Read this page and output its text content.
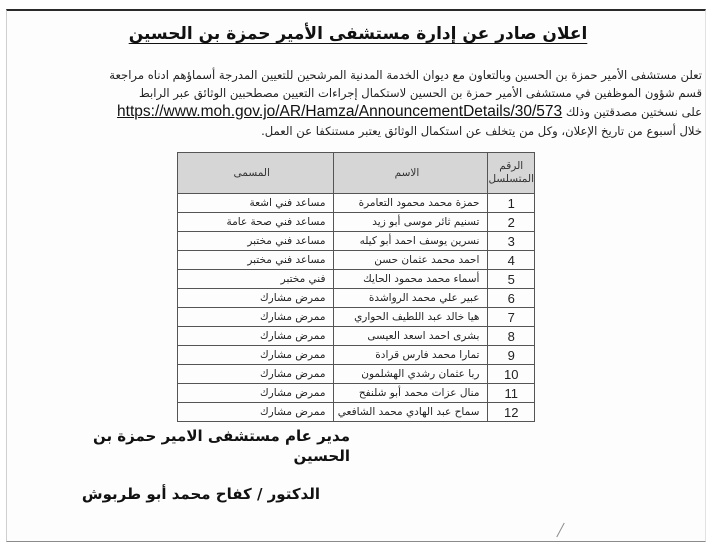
اعلان صادر عن إدارة مستشفى الأمير حمزة بن الحسين
تعلن مستشفى الأمير حمزة بن الحسين وبالتعاون مع ديوان الخدمة المدنية المرشحين للتعيين المدرجة أسماؤهم ادناه مراجعة
قسم شؤون الموظفين في مستشفى الأمير حمزة بن الحسين لاستكمال إجراءات التعيين مصطحبين الوثائق عبر الرابط
على نسختين مصدقتين وذلك https://www.moh.gov.jo/AR/Hamza/AnnouncementDetails/30/573
خلال أسبوع من تاريخ الإعلان، وكل من يتخلف عن استكمال الوثائق يعتبر مستنكفا عن العمل.
الرقم المتسلسل	الاسم	المسمى
1	حمزة محمد محمود التعامرة	مساعد فني اشعة
2	تسنيم ثائر موسى أبو زيد	مساعد فني صحة عامة
3	نسرين يوسف احمد أبو كيله	مساعد فني مختبر
4	احمد محمد عثمان حسن	مساعد فني مختبر
5	أسماء محمد محمود الحايك	فني مختبر
6	عبير علي محمد الرواشدة	ممرض مشارك
7	هيا خالد عبد اللطيف الحواري	ممرض مشارك
8	بشرى احمد اسعد العيسى	ممرض مشارك
9	تمارا محمد فارس قرادة	ممرض مشارك
10	ربا عثمان رشدي الهشلمون	ممرض مشارك
11	منال عزات محمد أبو شلنفح	ممرض مشارك
12	سماح عبد الهادي محمد الشافعي	ممرض مشارك
مدير عام مستشفى الامير حمزة بن الحسين
الدكتور / كفاح محمد أبو طربوش
